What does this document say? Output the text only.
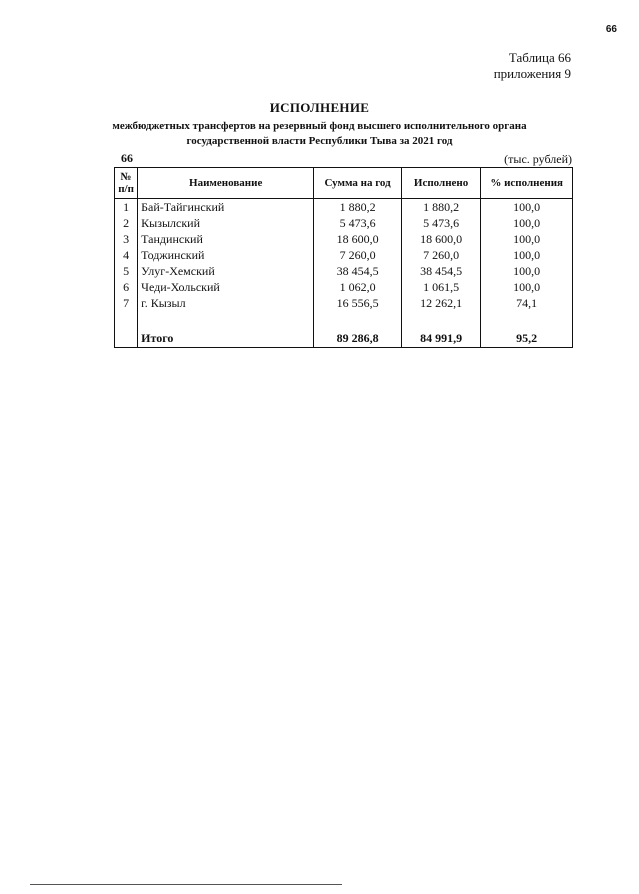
66
Таблица 66
приложения 9
ИСПОЛНЕНИЕ
межбюджетных трансфертов на резервный фонд высшего исполнительного органа
государственной власти Республики Тыва за 2021 год
66	(тыс. рублей)
№
п/п	Наименование	Сумма на год	Исполнено	% исполнения
1	Бай-Тайгинский	1 880,2	1 880,2	100,0
2	Кызылский	5 473,6	5 473,6	100,0
3	Тандинский	18 600,0	18 600,0	100,0
4	Тоджинский	7 260,0	7 260,0	100,0
5	Улуг-Хемский	38 454,5	38 454,5	100,0
6	Чеди-Хольский	1 062,0	1 061,5	100,0
7	г. Кызыл	16 556,5	12 262,1	74,1

	Итого	89 286,8	84 991,9	95,2
